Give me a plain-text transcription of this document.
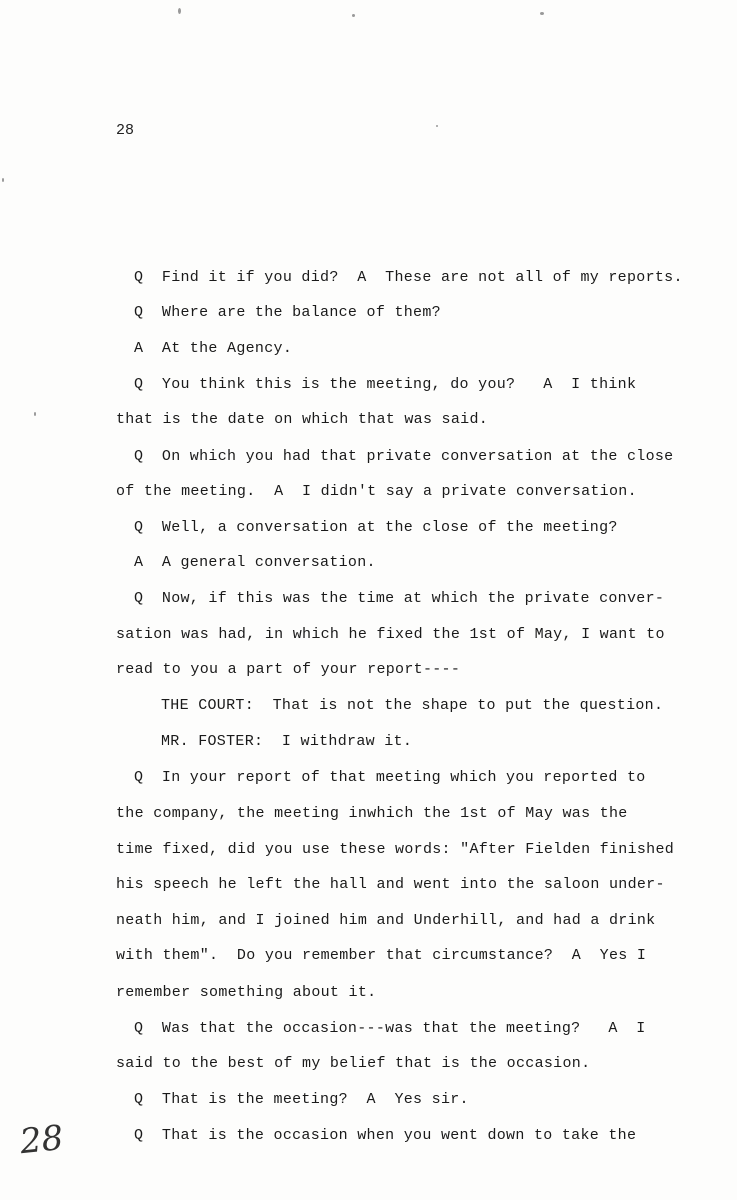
28
Q  Find it if you did?  A  These are not all of my reports.
Q  Where are the balance of them?
A  At the Agency.
Q  You think this is the meeting, do you?   A  I think
that is the date on which that was said.
Q  On which you had that private conversation at the close
of the meeting.  A  I didn't say a private conversation.
Q  Well, a conversation at the close of the meeting?
A  A general conversation.
Q  Now, if this was the time at which the private conver-
sation was had, in which he fixed the 1st of May, I want to
read to you a part of your report----
THE COURT:  That is not the shape to put the question.
MR. FOSTER:  I withdraw it.
Q  In your report of that meeting which you reported to
the company, the meeting inwhich the 1st of May was the
time fixed, did you use these words: "After Fielden finished
his speech he left the hall and went into the saloon under-
neath him, and I joined him and Underhill, and had a drink
with them".  Do you remember that circumstance?  A  Yes I
remember something about it.
Q  Was that the occasion---was that the meeting?   A  I
said to the best of my belief that is the occasion.
Q  That is the meeting?  A  Yes sir.
Q  That is the occasion when you went down to take the
28
